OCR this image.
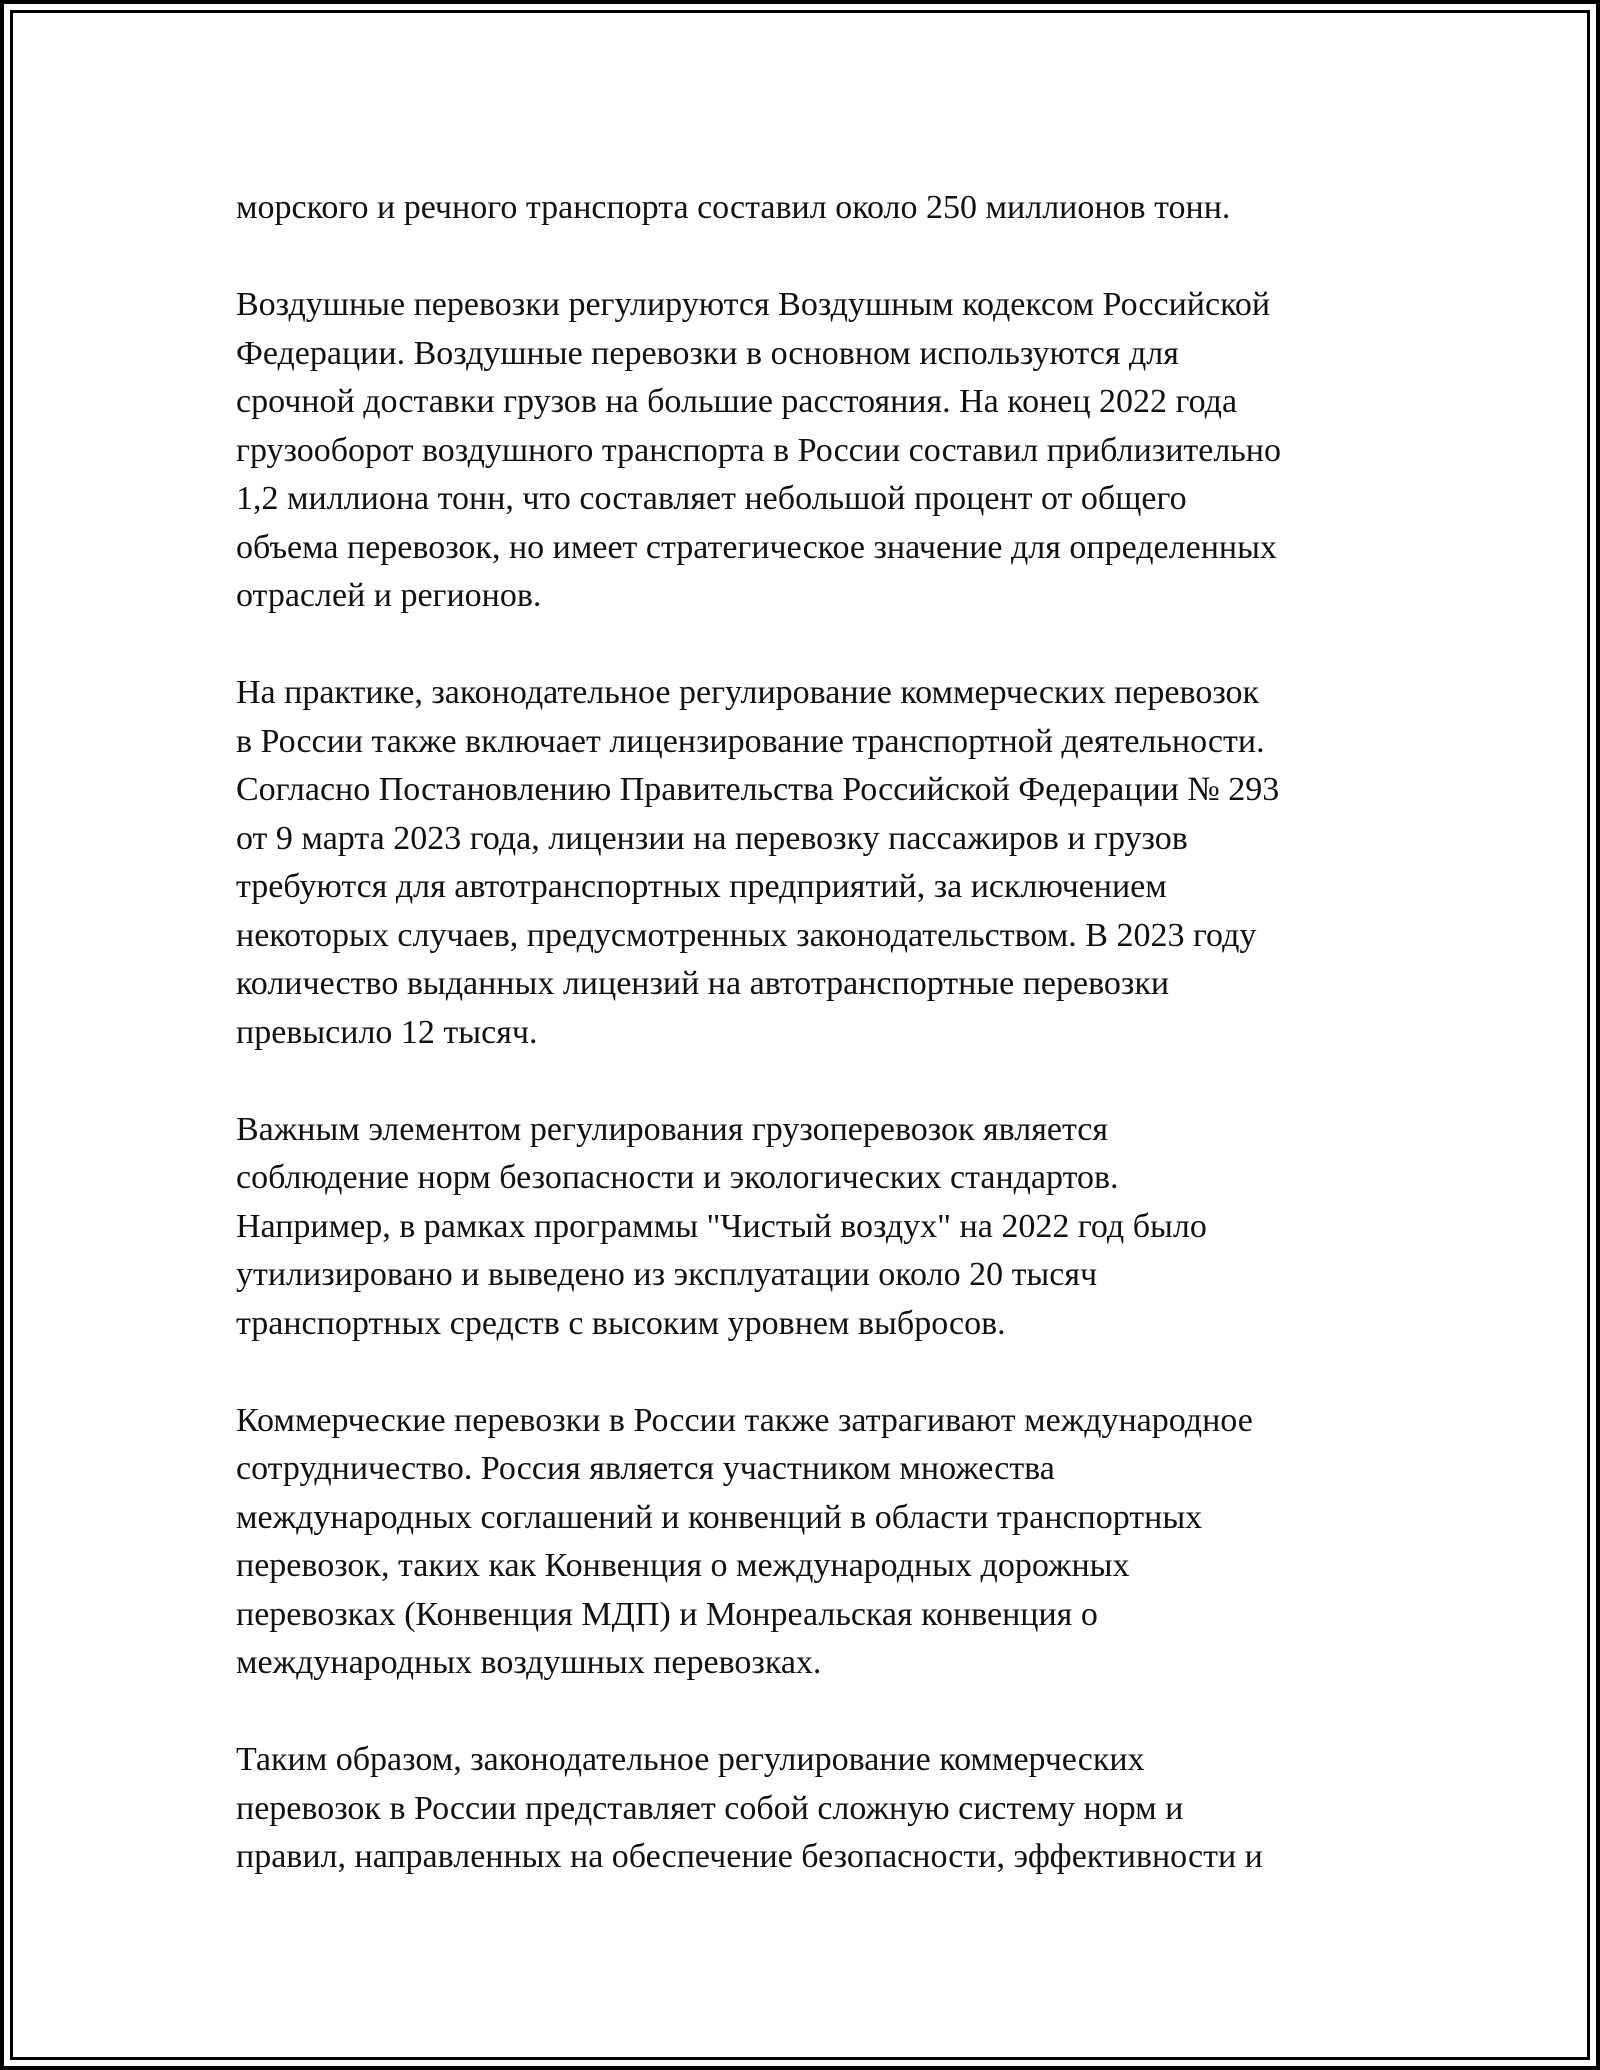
морского и речного транспорта составил около 250 миллионов тонн.

Воздушные перевозки регулируются Воздушным кодексом Российской
Федерации. Воздушные перевозки в основном используются для
срочной доставки грузов на большие расстояния. На конец 2022 года
грузооборот воздушного транспорта в России составил приблизительно
1,2 миллиона тонн, что составляет небольшой процент от общего
объема перевозок, но имеет стратегическое значение для определенных
отраслей и регионов.

На практике, законодательное регулирование коммерческих перевозок
в России также включает лицензирование транспортной деятельности.
Согласно Постановлению Правительства Российской Федерации № 293
от 9 марта 2023 года, лицензии на перевозку пассажиров и грузов
требуются для автотранспортных предприятий, за исключением
некоторых случаев, предусмотренных законодательством. В 2023 году
количество выданных лицензий на автотранспортные перевозки
превысило 12 тысяч.

Важным элементом регулирования грузоперевозок является
соблюдение норм безопасности и экологических стандартов.
Например, в рамках программы "Чистый воздух" на 2022 год было
утилизировано и выведено из эксплуатации около 20 тысяч
транспортных средств с высоким уровнем выбросов.

Коммерческие перевозки в России также затрагивают международное
сотрудничество. Россия является участником множества
международных соглашений и конвенций в области транспортных
перевозок, таких как Конвенция о международных дорожных
перевозках (Конвенция МДП) и Монреальская конвенция о
международных воздушных перевозках.

Таким образом, законодательное регулирование коммерческих
перевозок в России представляет собой сложную систему норм и
правил, направленных на обеспечение безопасности, эффективности и
